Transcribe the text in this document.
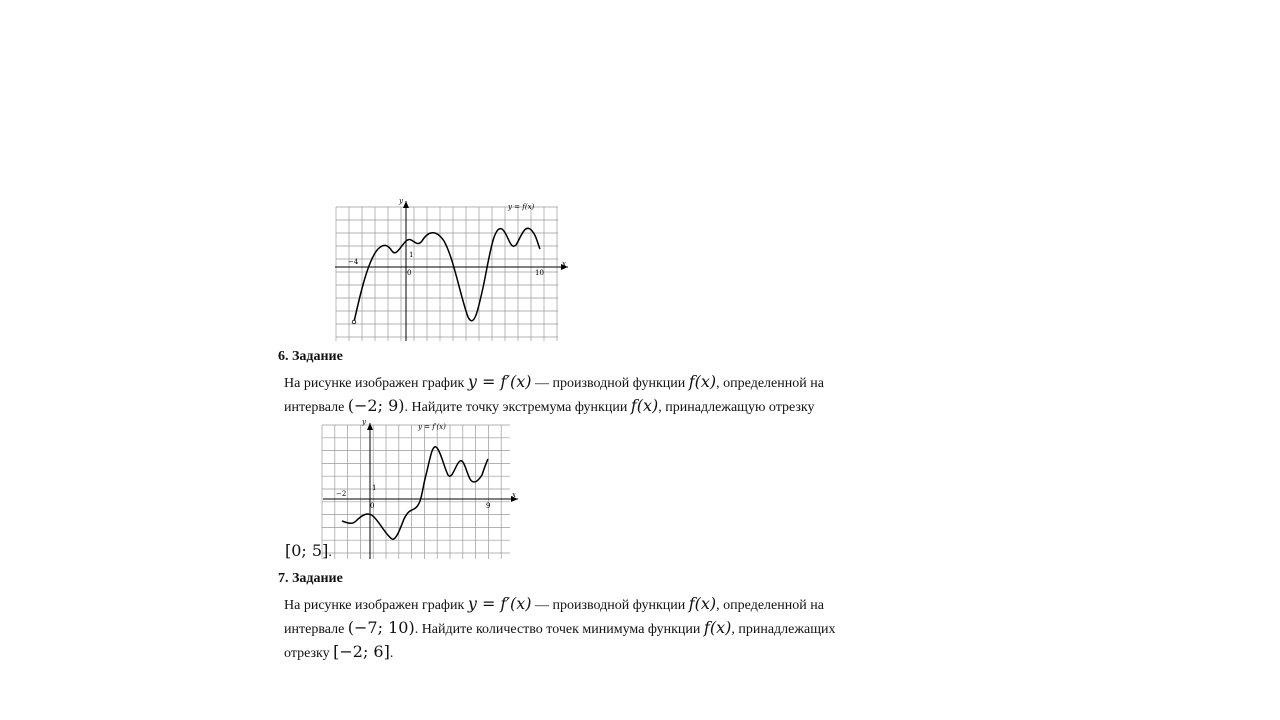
y
x
y = f(x)
−4
0
1
10
6. Задание
На рисунке изображен график y = f′(x) — производной функции f(x), определенной на
интервале (−2; 9). Найдите точку экстремума функции f(x), принадлежащую отрезку
y
x
y = f′(x)
−2
0
1
9
[0; 5].
7. Задание
На рисунке изображен график y = f′(x) — производной функции f(x), определенной на
интервале (−7; 10). Найдите количество точек минимума функции f(x), принадлежащих
отрезку [−2; 6].
